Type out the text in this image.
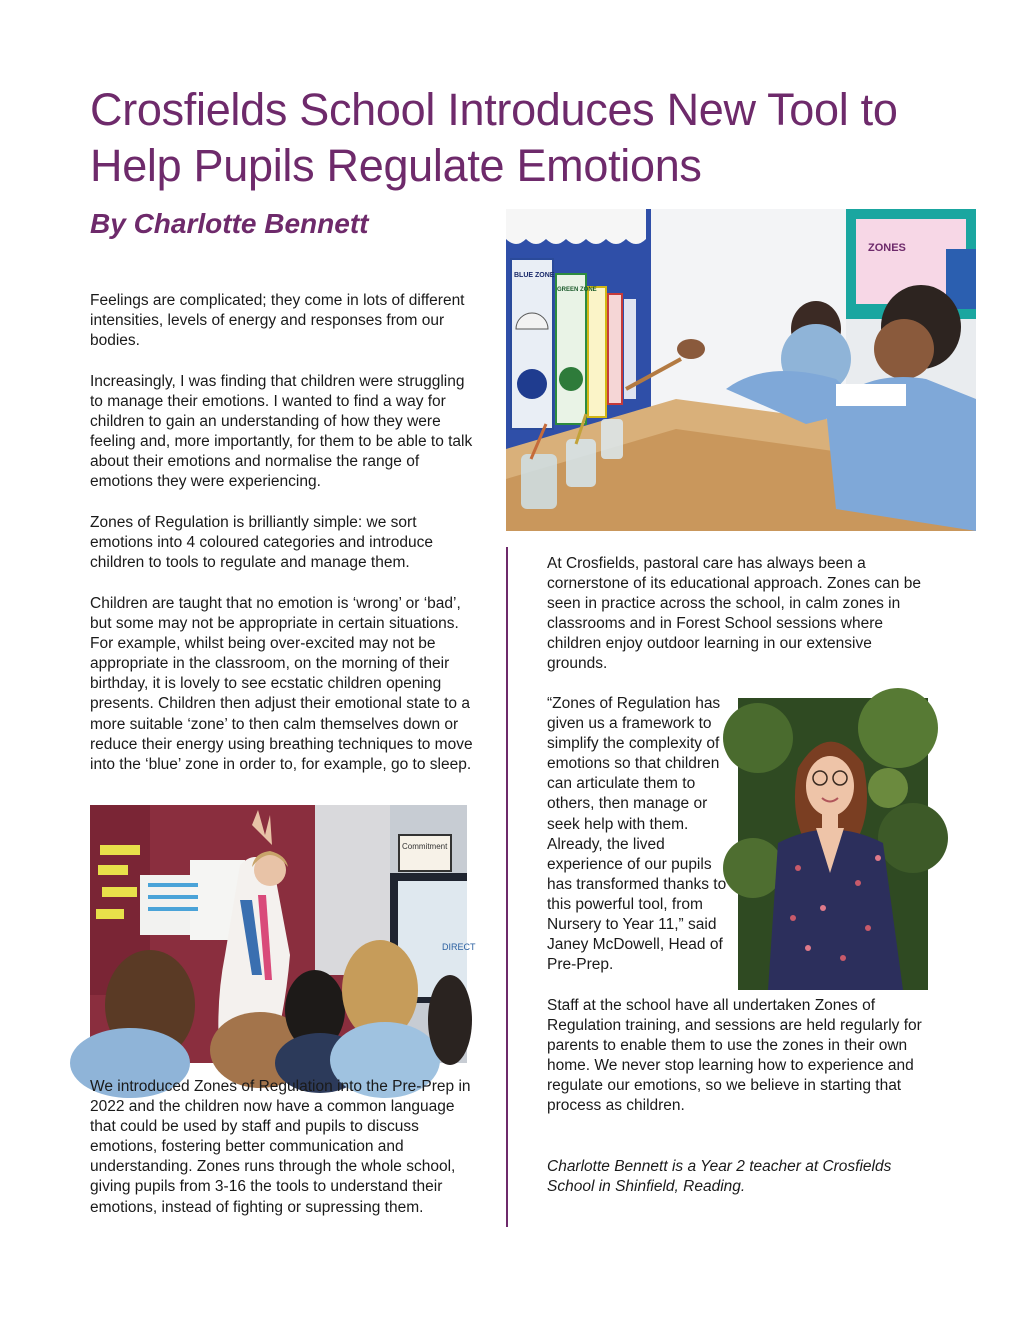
Crosfields School Introduces New Tool to Help Pupils Regulate Emotions
By Charlotte Bennett

Feelings are complicated; they come in lots of different intensities, levels of energy and responses from our bodies.

Increasingly, I was finding that children were struggling to manage their emotions. I wanted to find a way for children to gain an understanding of how they were feeling and, more importantly, for them to be able to talk about their emotions and normalise the range of emotions they were experiencing.

Zones of Regulation is brilliantly simple: we sort emotions into 4 coloured categories and introduce children to tools to regulate and manage them.

Children are taught that no emotion is ‘wrong’ or ‘bad’, but some may not be appropriate in certain situations. For example, whilst being over-excited may not be appropriate in the classroom, on the morning of their birthday, it is lovely to see ecstatic children opening presents. Children then adjust their emotional state to a more suitable ‘zone’ to then calm themselves down or reduce their energy using breathing techniques to move into the ‘blue’ zone in order to, for example, go to sleep.

Commitment
DIRECT

We introduced Zones of Regulation into the Pre-Prep in 2022 and the children now have a common language that could be used by staff and pupils to discuss emotions, fostering better communication and understanding. Zones runs through the whole school, giving pupils from 3-16 the tools to understand their emotions, instead of fighting or supressing them.

BLUE ZONE
GREEN ZONE
ZONES

At Crosfields, pastoral care has always been a cornerstone of its educational approach. Zones can be seen in practice across the school, in calm zones in classrooms and in Forest School sessions where children enjoy outdoor learning in our extensive grounds.

“Zones of Regulation has given us a framework to simplify the complexity of emotions so that children can articulate them to others, then manage or seek help with them. Already, the lived experience of our pupils has transformed thanks to this powerful tool, from Nursery to Year 11,” said Janey McDowell, Head of Pre-Prep.

Staff at the school have all undertaken Zones of Regulation training, and sessions are held regularly for parents to enable them to use the zones in their own home. We never stop learning how to experience and regulate our emotions, so we believe in starting that process as children.

Charlotte Bennett is a Year 2 teacher at Crosfields School in Shinfield, Reading.
